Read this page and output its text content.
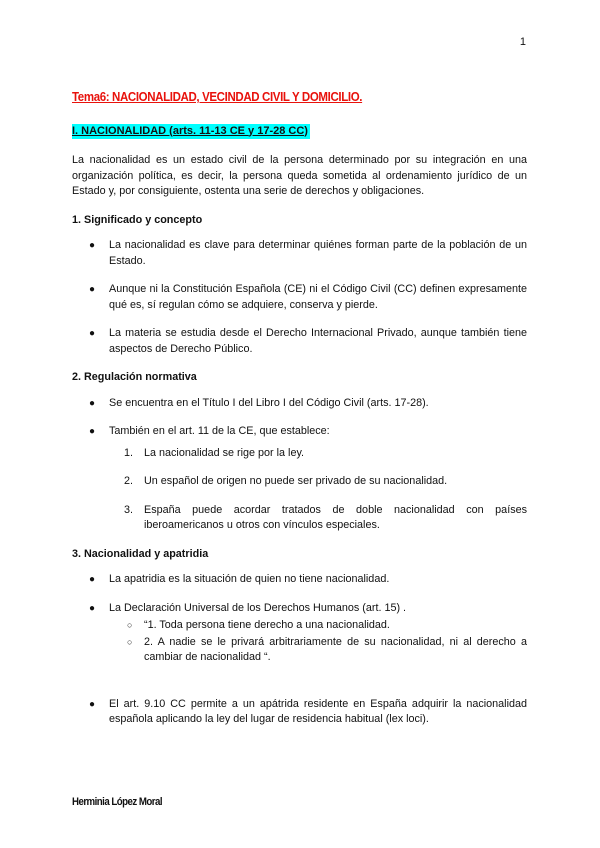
1
Tema6: NACIONALIDAD, VECINDAD CIVIL Y DOMICILIO.
I. NACIONALIDAD (arts. 11-13 CE y 17-28 CC)

La nacionalidad es un estado civil de la persona determinado por su integración en una organización política, es decir, la persona queda sometida al ordenamiento jurídico de un Estado y, por consiguiente, ostenta una serie de derechos y obligaciones.

1. Significado y concepto
● La nacionalidad es clave para determinar quiénes forman parte de la población de un Estado.
● Aunque ni la Constitución Española (CE) ni el Código Civil (CC) definen expresamente qué es, sí regulan cómo se adquiere, conserva y pierde.
● La materia se estudia desde el Derecho Internacional Privado, aunque también tiene aspectos de Derecho Público.
2. Regulación normativa
● Se encuentra en el Título I del Libro I del Código Civil (arts. 17-28).
● También en el art. 11 de la CE, que establece:
1. La nacionalidad se rige por la ley.
2. Un español de origen no puede ser privado de su nacionalidad.
3. España puede acordar tratados de doble nacionalidad con países iberoamericanos u otros con vínculos especiales.
3. Nacionalidad y apatridia
● La apatridia es la situación de quien no tiene nacionalidad.
● La Declaración Universal de los Derechos Humanos (art. 15) .
○ “1. Toda persona tiene derecho a una nacionalidad.
○ 2. A nadie se le privará arbitrariamente de su nacionalidad, ni al derecho a cambiar de nacionalidad “.
● El art. 9.10 CC permite a un apátrida residente en España adquirir la nacionalidad española aplicando la ley del lugar de residencia habitual (lex loci).
Herminia López Moral
